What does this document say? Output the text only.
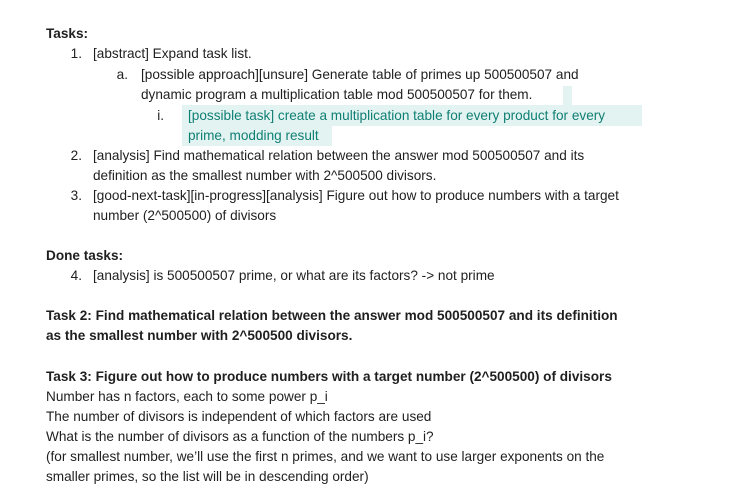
Tasks:
1. [abstract] Expand task list.
a. [possible approach][unsure] Generate table of primes up 500500507 and
dynamic program a multiplication table mod 500500507 for them.
i. [possible task] create a multiplication table for every product for every
prime, modding result
2. [analysis] Find mathematical relation between the answer mod 500500507 and its
definition as the smallest number with 2^500500 divisors.
3. [good-next-task][in-progress][analysis] Figure out how to produce numbers with a target
number (2^500500) of divisors
Done tasks:
4. [analysis] is 500500507 prime, or what are its factors? -> not prime
Task 2: Find mathematical relation between the answer mod 500500507 and its definition
as the smallest number with 2^500500 divisors.
Task 3: Figure out how to produce numbers with a target number (2^500500) of divisors
Number has n factors, each to some power p_i
The number of divisors is independent of which factors are used
What is the number of divisors as a function of the numbers p_i?
(for smallest number, we’ll use the first n primes, and we want to use larger exponents on the
smaller primes, so the list will be in descending order)
